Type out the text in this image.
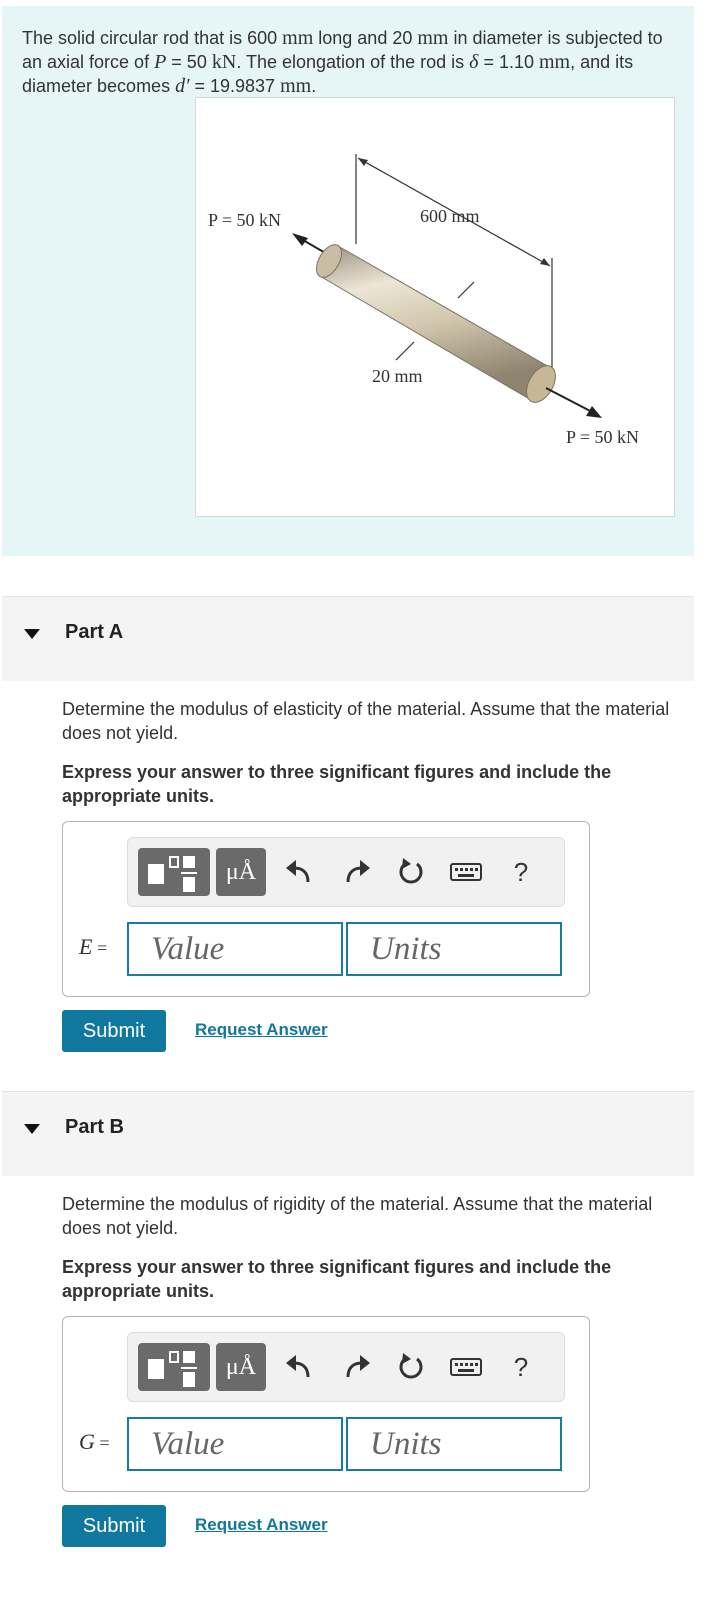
The solid circular rod that is 600 mm long and 20 mm in diameter is subjected to an axial force of P = 50 kN. The elongation of the rod is δ = 1.10 mm, and its diameter becomes d′ = 19.9837 mm.
P = 50 kN	600 mm
20 mm
P = 50 kN
Part A
Determine the modulus of elasticity of the material. Assume that the material does not yield.
Express your answer to three significant figures and include the appropriate units.
μÅ	?
E =	Value	Units
Submit	Request Answer
Part B
Determine the modulus of rigidity of the material. Assume that the material does not yield.
Express your answer to three significant figures and include the appropriate units.
μÅ	?
G =	Value	Units
Submit	Request Answer
